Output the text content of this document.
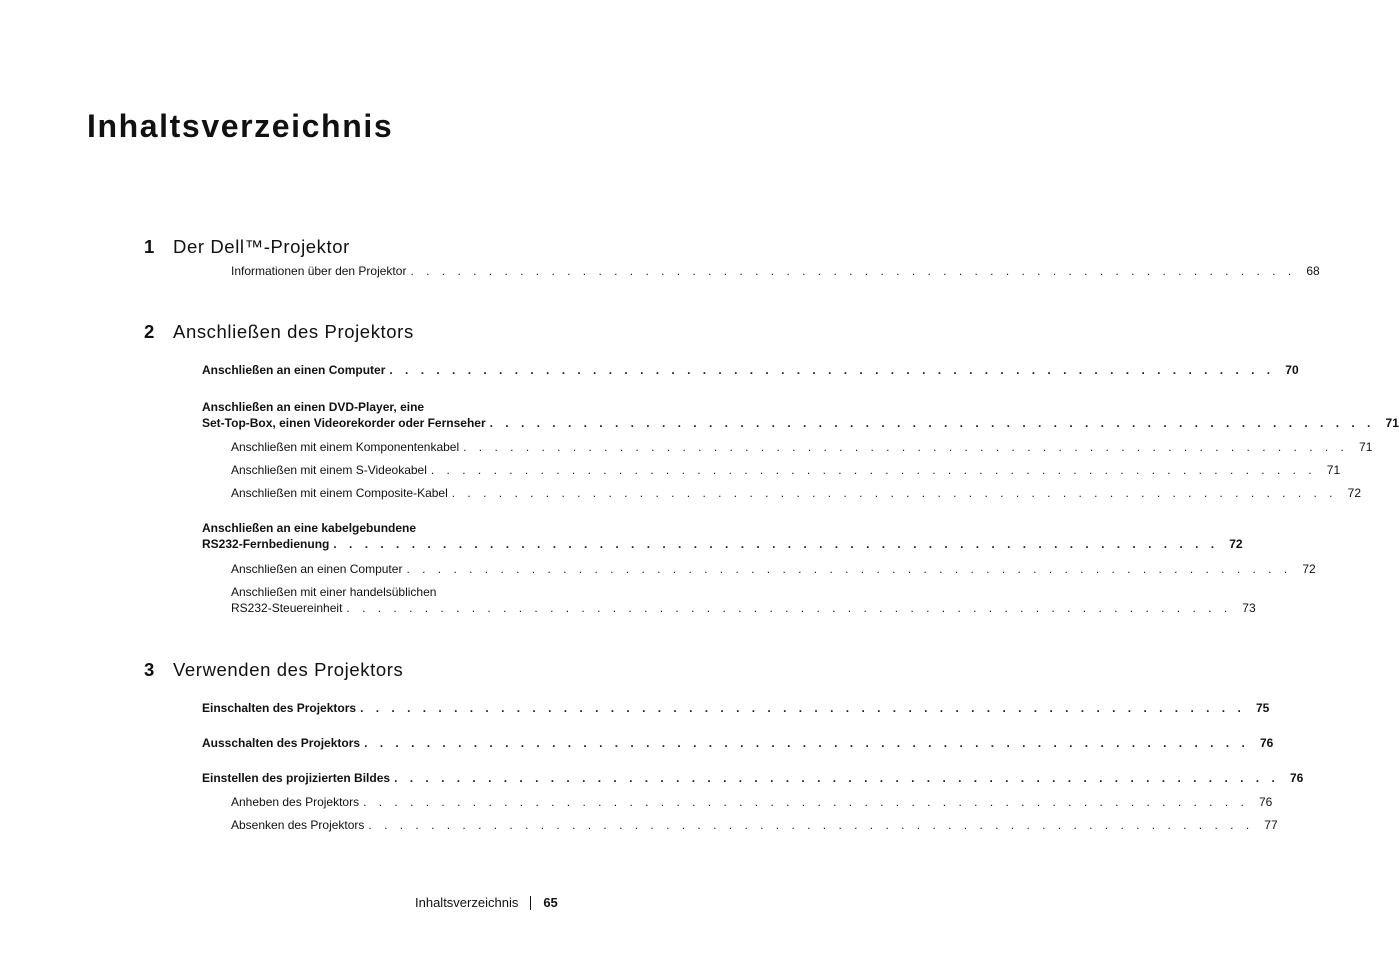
Inhaltsverzeichnis
1 Der Dell™-Projektor
Informationen über den Projektor . . . . . . . . . . . . . . . . . . . . . . . . . . . . . . . . . . . . . . . . . . . . . . . . . . . . . . . . . 68
2 Anschließen des Projektors
Anschließen an einen Computer . . . . . . . . . . . . . . . . . . . . . . . . . . . . . . . . . . . . . . . . . . . . . . . . . . . . . . . . . 70
Anschließen an einen DVD-Player, eine
Set-Top-Box, einen Videorekorder oder Fernseher . . . . . . . . . . . . . . . . . . . . . . . . . . . . . . . . . . . . . . . . . . . . . . . . . . . . . . . . . 71
Anschließen mit einem Komponentenkabel . . . . . . . . . . . . . . . . . . . . . . . . . . . . . . . . . . . . . . . . . . . . . . . . . . . . . . . . . 71
Anschließen mit einem S-Videokabel . . . . . . . . . . . . . . . . . . . . . . . . . . . . . . . . . . . . . . . . . . . . . . . . . . . . . . . . . 71
Anschließen mit einem Composite-Kabel . . . . . . . . . . . . . . . . . . . . . . . . . . . . . . . . . . . . . . . . . . . . . . . . . . . . . . . . . 72
Anschließen an eine kabelgebundene
RS232-Fernbedienung . . . . . . . . . . . . . . . . . . . . . . . . . . . . . . . . . . . . . . . . . . . . . . . . . . . . . . . . . 72
Anschließen an einen Computer . . . . . . . . . . . . . . . . . . . . . . . . . . . . . . . . . . . . . . . . . . . . . . . . . . . . . . . . . 72
Anschließen mit einer handelsüblichen
RS232-Steuereinheit . . . . . . . . . . . . . . . . . . . . . . . . . . . . . . . . . . . . . . . . . . . . . . . . . . . . . . . . . 73
3 Verwenden des Projektors
Einschalten des Projektors . . . . . . . . . . . . . . . . . . . . . . . . . . . . . . . . . . . . . . . . . . . . . . . . . . . . . . . . . 75
Ausschalten des Projektors . . . . . . . . . . . . . . . . . . . . . . . . . . . . . . . . . . . . . . . . . . . . . . . . . . . . . . . . . 76
Einstellen des projizierten Bildes . . . . . . . . . . . . . . . . . . . . . . . . . . . . . . . . . . . . . . . . . . . . . . . . . . . . . . . . . 76
Anheben des Projektors . . . . . . . . . . . . . . . . . . . . . . . . . . . . . . . . . . . . . . . . . . . . . . . . . . . . . . . . . 76
Absenken des Projektors . . . . . . . . . . . . . . . . . . . . . . . . . . . . . . . . . . . . . . . . . . . . . . . . . . . . . . . . . 77
Inhaltsverzeichnis 65
